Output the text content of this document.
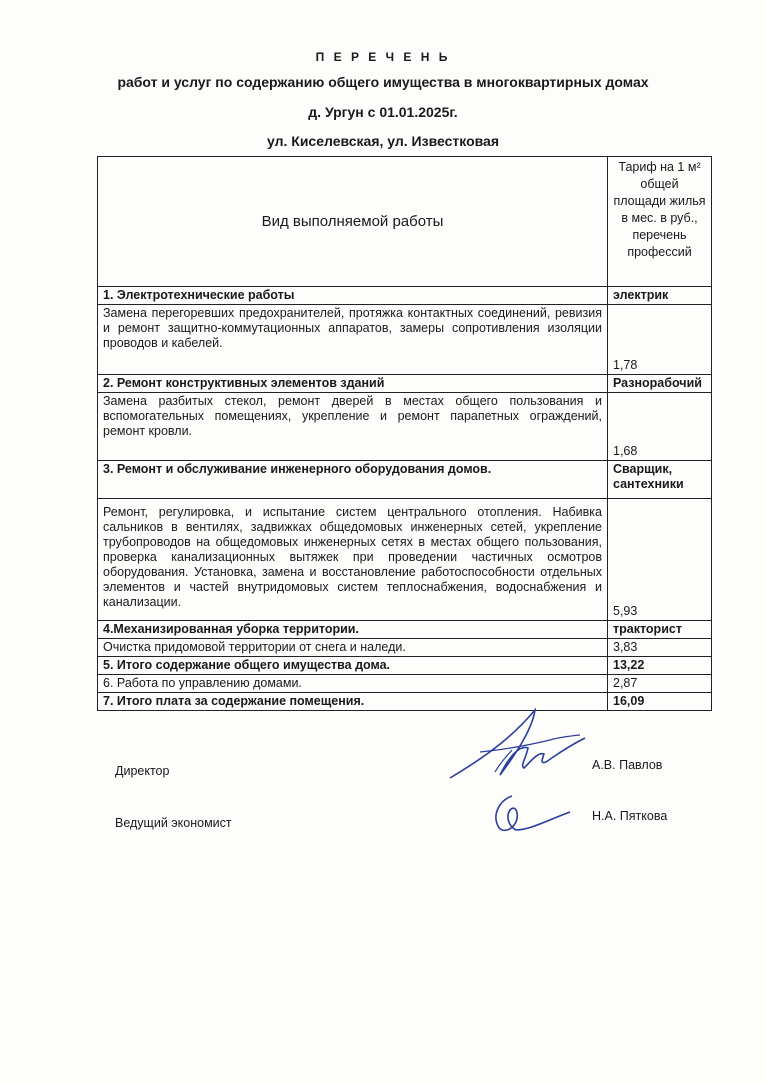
П Е Р Е Ч Е Н Ь
работ и услуг по содержанию общего имущества в многоквартирных домах
д. Ургун с 01.01.2025г.
ул. Киселевская, ул. Известковая
Вид выполняемой работы	Тариф на 1 м² общей площади жилья в мес. в руб., перечень профессий
1. Электротехнические работы	электрик
Замена перегоревших предохранителей, протяжка контактных соединений, ревизия и ремонт защитно-коммутационных аппаратов, замеры сопротивления изоляции проводов и кабелей.	1,78
2. Ремонт конструктивных элементов зданий	Разнорабочий
Замена разбитых стекол, ремонт дверей в местах общего пользования и вспомогательных помещениях, укрепление и ремонт парапетных ограждений, ремонт кровли.	1,68
3. Ремонт и обслуживание инженерного оборудования домов.	Сварщик, сантехники
Ремонт, регулировка, и испытание систем центрального отопления. Набивка сальников в вентилях, задвижках общедомовых инженерных сетей, укрепление трубопроводов на общедомовых инженерных сетях в местах общего пользования, проверка канализационных вытяжек при проведении частичных осмотров оборудования. Установка, замена и восстановление работоспособности отдельных элементов и частей внутридомовых систем теплоснабжения, водоснабжения и канализации.	5,93
4.Механизированная уборка территории.	тракторист
Очистка придомовой территории от снега и наледи.	3,83
5. Итого содержание общего имущества дома.	13,22
6. Работа по управлению домами.	2,87
7. Итого плата за содержание помещения.	16,09
Директор	А.В. Павлов
Ведущий экономист	Н.А. Пяткова
